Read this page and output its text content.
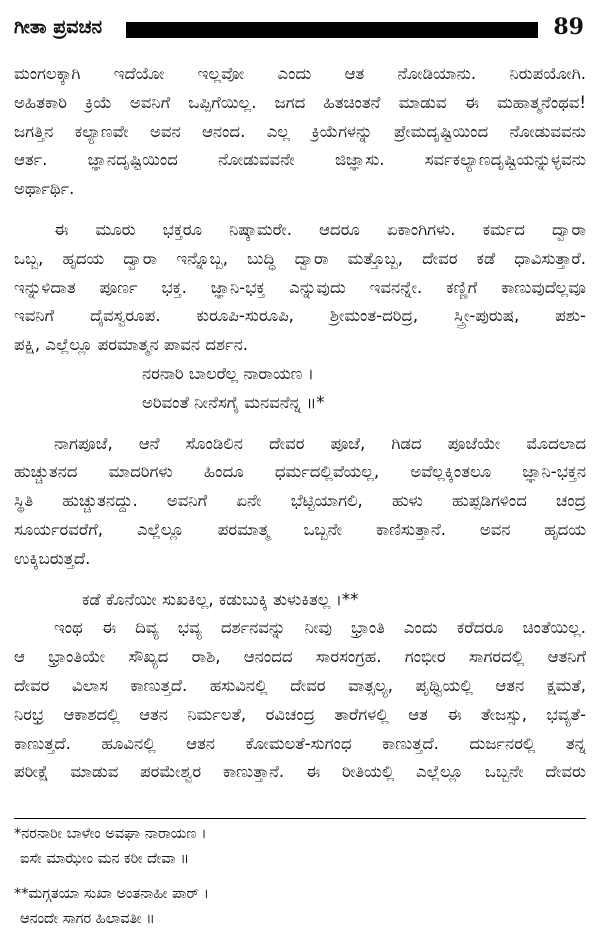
ಗೀತಾ ಪ್ರವಚನ	89
ಮಂಗಲಕ್ಕಾಗಿ ಇದೆಯೋ ಇಲ್ಲವೋ ಎಂದು ಆತ ನೋಡಿಯಾನು. ನಿರುಪಯೋಗಿ.
ಅಹಿತಕಾರಿ ಕ್ರಿಯೆ ಅವನಿಗೆ ಒಪ್ಪಿಗೆಯಿಲ್ಲ. ಜಗದ ಹಿತಚಿಂತನೆ ಮಾಡುವ ಈ ಮಹಾತ್ಮನೆಂಥವ!
ಜಗತ್ತಿನ ಕಲ್ಯಾಣವೇ ಅವನ ಆನಂದ. ಎಲ್ಲ ಕ್ರಿಯೆಗಳನ್ನು ಪ್ರೇಮದೃಷ್ಟಿಯಿಂದ ನೋಡುವವನು
ಆರ್ತ. ಜ್ಞಾನದೃಷ್ಟಿಯಿಂದ ನೋಡುವವನೇ ಜಿಜ್ಞಾಸು. ಸರ್ವಕಲ್ಯಾಣದೃಷ್ಟಿಯನ್ನುಳ್ಳವನು
ಅರ್ಥಾರ್ಥಿ.
ಈ ಮೂರು ಭಕ್ತರೂ ನಿಷ್ಕಾಮರೇ. ಆದರೂ ಏಕಾಂಗಿಗಳು. ಕರ್ಮದ ದ್ವಾರಾ
ಒಬ್ಬ, ಹೃದಯ ದ್ವಾರಾ ಇನ್ನೊಬ್ಬ, ಬುದ್ಧಿ ದ್ವಾರಾ ಮತ್ತೊಬ್ಬ, ದೇವರ ಕಡೆ ಧಾವಿಸುತ್ತಾರೆ.
ಇನ್ನುಳಿದಾತ ಪೂರ್ಣ ಭಕ್ತ. ಜ್ಞಾನಿ-ಭಕ್ತ ಎನ್ನುವುದು ಇವನನ್ನೇ. ಕಣ್ಣಿಗೆ ಕಾಣುವುದೆಲ್ಲವೂ
ಇವನಿಗೆ ದೈವಸ್ವರೂಪ. ಕುರೂಪಿ-ಸುರೂಪಿ, ಶ್ರೀಮಂತ-ದರಿದ್ರ, ಸ್ತ್ರೀ-ಪುರುಷ, ಪಶು-
ಪಕ್ಷಿ, ಎಲ್ಲೆಲ್ಲೂ ಪರಮಾತ್ಮನ ಪಾವನ ದರ್ಶನ.
ನರನಾರಿ ಬಾಲರೆಲ್ಲ ನಾರಾಯಣ ।
ಅರಿವಂತೆ ನೀನೆಸಗೈ ಮನವನೆನ್ನ ॥*
ನಾಗಪೂಜೆ, ಆನೆ ಸೊಂಡಿಲಿನ ದೇವರ ಪೂಜೆ, ಗಿಡದ ಪೂಜೆಯೇ ಮೊದಲಾದ
ಹುಚ್ಚುತನದ ಮಾದರಿಗಳು ಹಿಂದೂ ಧರ್ಮದಲ್ಲಿವೆಯಲ್ಲ, ಅವೆಲ್ಲಕ್ಕಿಂತಲೂ ಜ್ಞಾನಿ-ಭಕ್ತನ
ಸ್ಥಿತಿ ಹುಚ್ಚುತನದ್ದು. ಅವನಿಗೆ ಏನೇ ಭೆಟ್ಟಿಯಾಗಲಿ, ಹುಳು ಹುಪ್ಪಡಿಗಳಿಂದ ಚಂದ್ರ
ಸೂರ್ಯರವರೆಗೆ, ಎಲ್ಲೆಲ್ಲೂ ಪರಮಾತ್ಮ ಒಬ್ಬನೇ ಕಾಣಿಸುತ್ತಾನೆ. ಅವನ ಹೃದಯ
ಉಕ್ಕಿಬರುತ್ತದೆ.
ಕಡೆ ಕೊನೆಯೀ ಸುಖಕಿಲ್ಲ, ಕಡುಬುಕ್ಕಿ ತುಳುಕಿತಲ್ಲ ।**
ಇಂಥ ಈ ದಿವ್ಯ ಭವ್ಯ ದರ್ಶನವನ್ನು ನೀವು ಭ್ರಾಂತಿ ಎಂದು ಕರೆದರೂ ಚಿಂತೆಯಿಲ್ಲ.
ಆ ಭ್ರಾಂತಿಯೇ ಸೌಖ್ಯದ ರಾಶಿ, ಆನಂದದ ಸಾರಸಂಗ್ರಹ. ಗಂಭೀರ ಸಾಗರದಲ್ಲಿ ಆತನಿಗೆ
ದೇವರ ವಿಲಾಸ ಕಾಣುತ್ತದೆ. ಹಸುವಿನಲ್ಲಿ ದೇವರ ವಾತ್ಸಲ್ಯ, ಪೃಥ್ವಿಯಲ್ಲಿ ಆತನ ಕ್ಷಮತೆ,
ನಿರಭ್ರ ಆಕಾಶದಲ್ಲಿ ಆತನ ನಿರ್ಮಲತೆ, ರವಿಚಂದ್ರ ತಾರೆಗಳಲ್ಲಿ ಆತ ಈ ತೇಜಸ್ಸು, ಭವ್ಯತೆ-
ಕಾಣುತ್ತದೆ. ಹೂವಿನಲ್ಲಿ ಆತನ ಕೋಮಲತೆ-ಸುಗಂಧ ಕಾಣುತ್ತದೆ. ದುರ್ಜನರಲ್ಲಿ ತನ್ನ
ಪರೀಕ್ಷೆ ಮಾಡುವ ಪರಮೇಶ್ವರ ಕಾಣುತ್ತಾನೆ. ಈ ರೀತಿಯಲ್ಲಿ ಎಲ್ಲೆಲ್ಲೂ ಒಬ್ಬನೇ ದೇವರು
*ನರನಾರೀ ಬಾಳೇಂ ಅವಘಾ ನಾರಾಯಣ ।
ಐಸೇ ಮಾಝೇಂ ಮನ ಕರೀ ದೇವಾ ॥
**ಮಗ್ಗತಯಾ ಸುಖಾ ಅಂತನಾಹೀ ಪಾರ್ ।
ಆನಂದೇ ಸಾಗರ ಹಿಲಾವತೀ ॥
